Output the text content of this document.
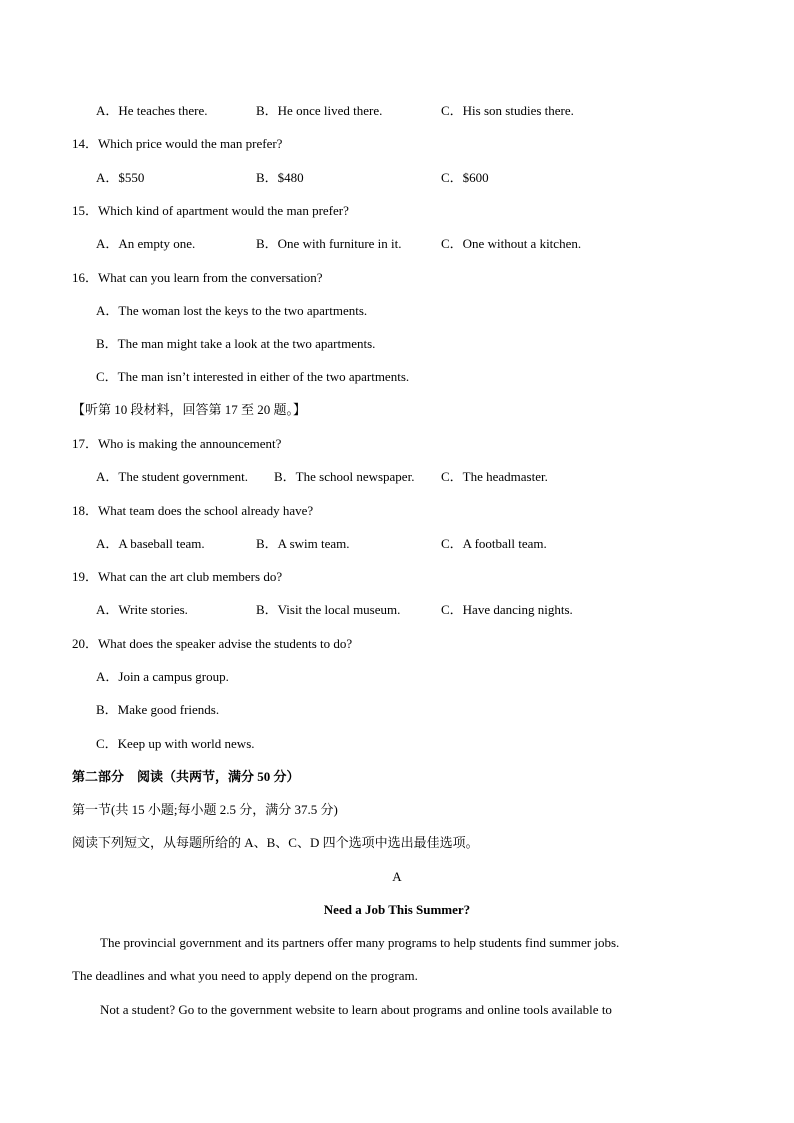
A．He teaches there.	B．He once lived there.	C．His son studies there.
14．Which price would the man prefer?
A．$550	B．$480	C．$600
15．Which kind of apartment would the man prefer?
A．An empty one.	B．One with furniture in it.	C．One without a kitchen.
16．What can you learn from the conversation?
A．The woman lost the keys to the two apartments.
B．The man might take a look at the two apartments.
C．The man isn’t interested in either of the two apartments.
【听第 10 段材料，回答第 17 至 20 题。】
17．Who is making the announcement?
A．The student government. B．The school newspaper. C．The headmaster.
18．What team does the school already have?
A．A baseball team.	B．A swim team.	C．A football team.
19．What can the art club members do?
A．Write stories.	B．Visit the local museum.	C．Have dancing nights.
20．What does the speaker advise the students to do?
A．Join a campus group.
B．Make good friends.
C．Keep up with world news.
第二部分　阅读（共两节，满分 50 分）
第一节(共 15 小题;每小题 2.5 分，满分 37.5 分)
阅读下列短文，从每题所给的 A、B、C、D 四个选项中选出最佳选项。
A
Need a Job This Summer?
The provincial government and its partners offer many programs to help students find summer jobs.
The deadlines and what you need to apply depend on the program.
Not a student? Go to the government website to learn about programs and online tools available to
